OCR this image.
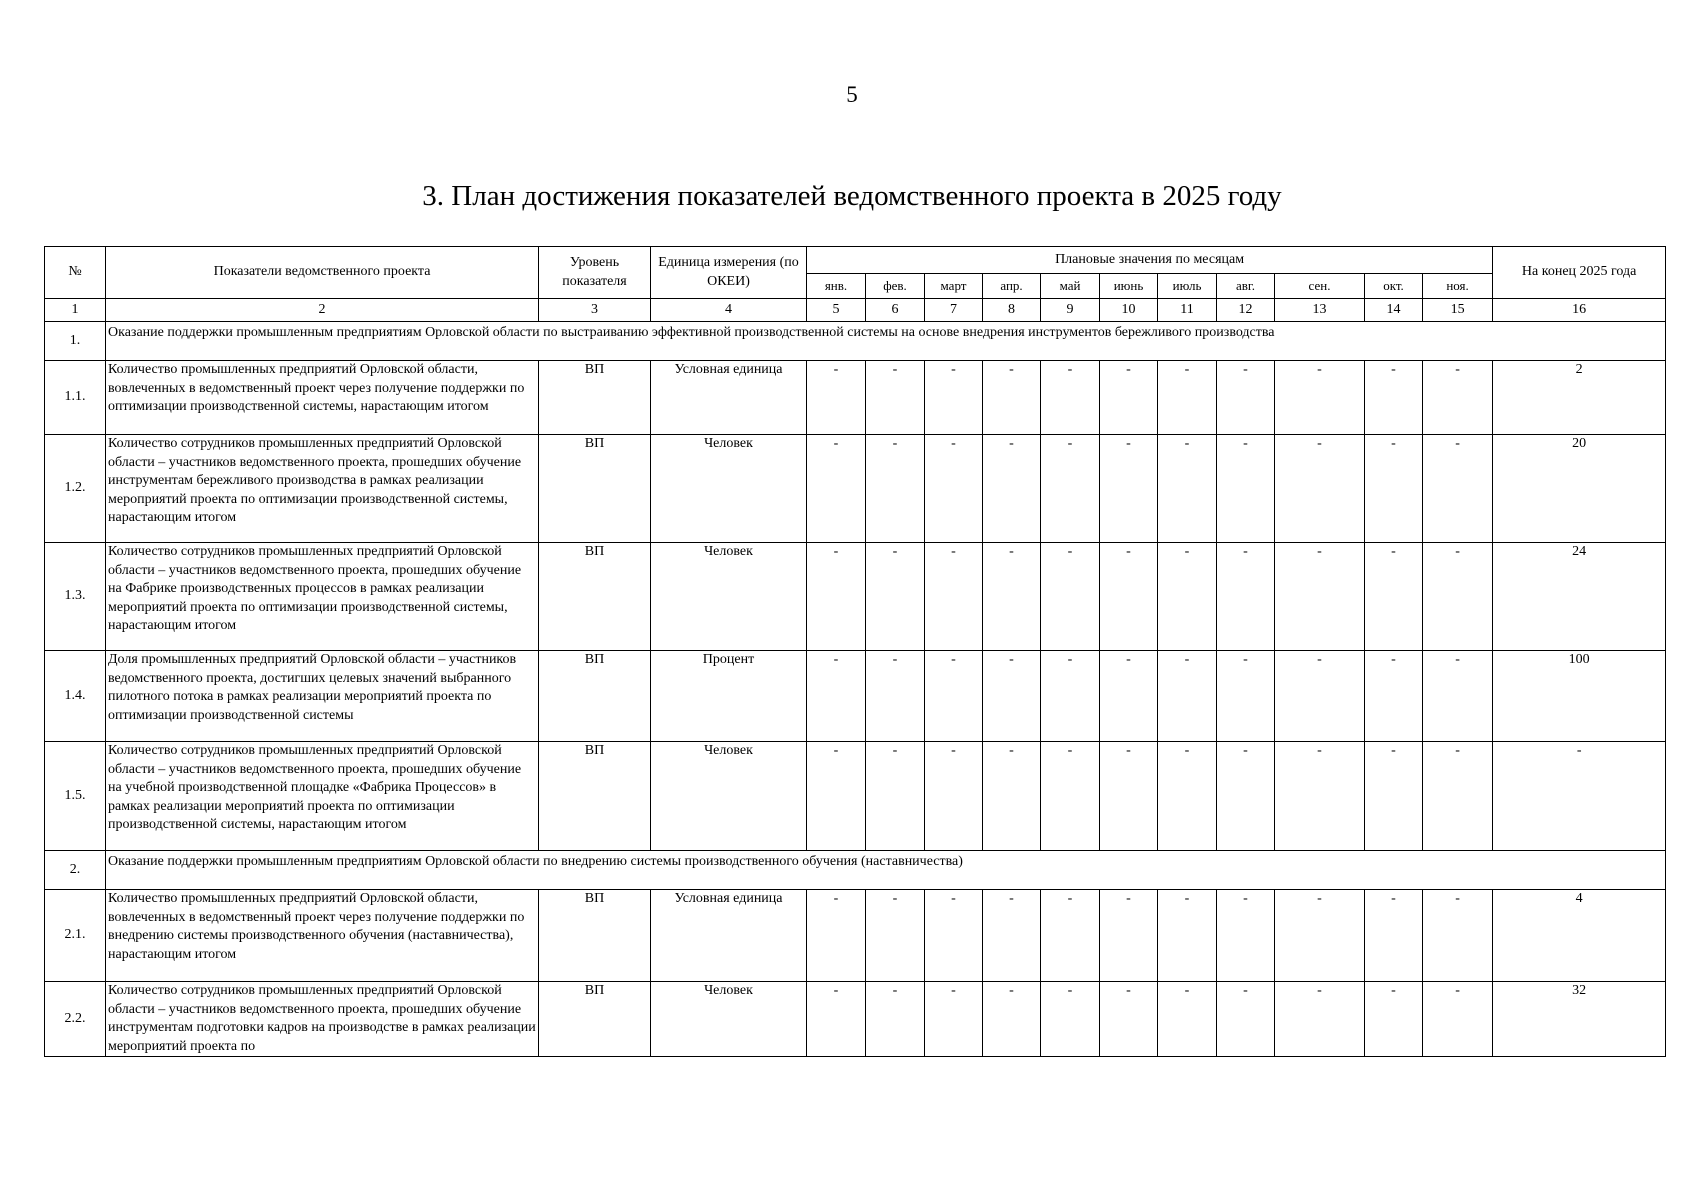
5
3. План достижения показателей ведомственного проекта в 2025 году
№	Показатели ведомственного проекта	Уровень показателя	Единица измерения (по ОКЕИ)	Плановые значения по месяцам											На конец 2025 года
				янв.	фев.	март	апр.	май	июнь	июль	авг.	сен.	окт.	ноя.	
1	2	3	4	5	6	7	8	9	10	11	12	13	14	15	16
1.	Оказание поддержки промышленным предприятиям Орловской области по выстраиванию эффективной производственной системы на основе внедрения инструментов бережливого производства														
1.1.	Количество промышленных предприятий Орловской области, вовлеченных в ведомственный проект через получение поддержки по оптимизации производственной системы, нарастающим итогом	ВП	Условная единица	-	-	-	-	-	-	-	-	-	-	-	2
1.2.	Количество сотрудников промышленных предприятий Орловской области – участников ведомственного проекта, прошедших обучение инструментам бережливого производства в рамках реализации мероприятий проекта по оптимизации производственной системы, нарастающим итогом	ВП	Человек	-	-	-	-	-	-	-	-	-	-	-	20
1.3.	Количество сотрудников промышленных предприятий Орловской области – участников ведомственного проекта, прошедших обучение на Фабрике производственных процессов в рамках реализации мероприятий проекта по оптимизации производственной системы, нарастающим итогом	ВП	Человек	-	-	-	-	-	-	-	-	-	-	-	24
1.4.	Доля промышленных предприятий Орловской области – участников ведомственного проекта, достигших целевых значений выбранного пилотного потока в рамках реализации мероприятий проекта по оптимизации производственной системы	ВП	Процент	-	-	-	-	-	-	-	-	-	-	-	100
1.5.	Количество сотрудников промышленных предприятий Орловской области – участников ведомственного проекта, прошедших обучение на учебной производственной площадке «Фабрика Процессов» в рамках реализации мероприятий проекта по оптимизации производственной системы, нарастающим итогом	ВП	Человек	-	-	-	-	-	-	-	-	-	-	-	-
2.	Оказание поддержки промышленным предприятиям Орловской области по внедрению системы производственного обучения (наставничества)														
2.1.	Количество промышленных предприятий Орловской области, вовлеченных в ведомственный проект через получение поддержки по внедрению системы производственного обучения (наставничества), нарастающим итогом	ВП	Условная единица	-	-	-	-	-	-	-	-	-	-	-	4
2.2.	Количество сотрудников промышленных предприятий Орловской области – участников ведомственного проекта, прошедших обучение инструментам подготовки кадров на производстве в рамках реализации мероприятий проекта по	ВП	Человек	-	-	-	-	-	-	-	-	-	-	-	32
